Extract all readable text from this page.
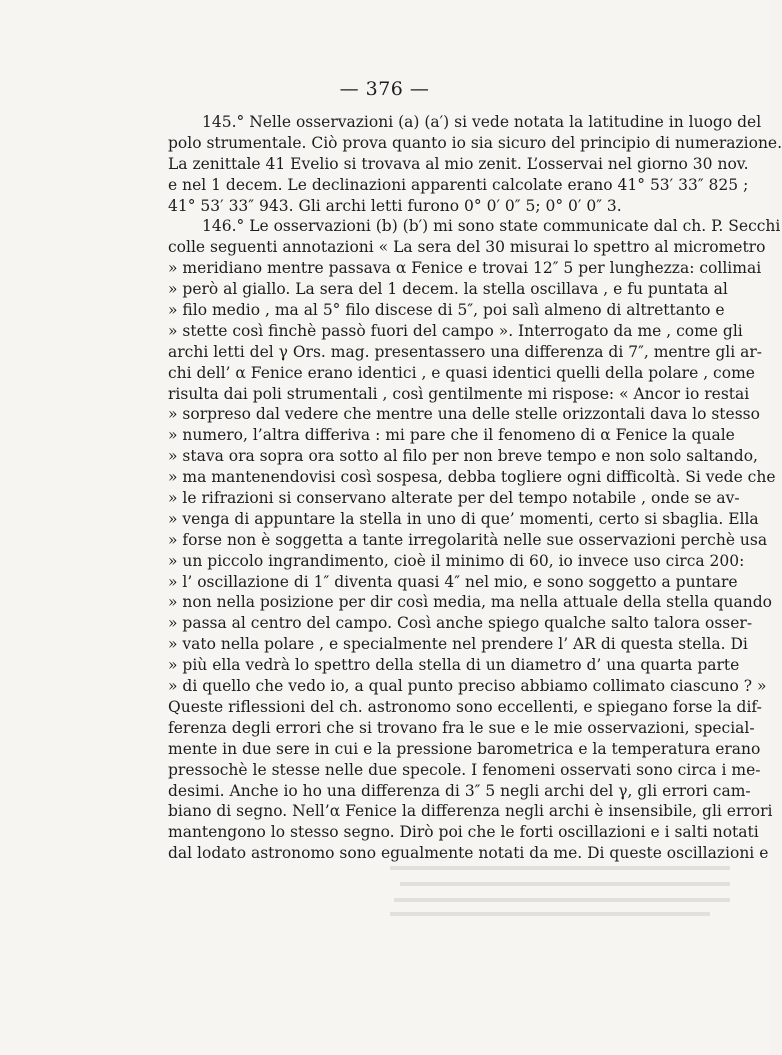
— 376 —
145.° Nelle osservazioni (a) (a′) si vede notata la latitudine in luogo del
polo strumentale. Ciò prova quanto io sia sicuro del principio di numerazione.
La zenittale 41 Evelio si trovava al mio zenit. L’osservai nel giorno 30 nov.
e nel 1 decem. Le declinazioni apparenti calcolate erano 41° 53′ 33″ 825 ;
41° 53′ 33″ 943. Gli archi letti furono 0° 0′ 0″ 5; 0° 0′ 0″ 3.
146.° Le osservazioni (b) (b′) mi sono state communicate dal ch. P. Secchi
colle seguenti annotazioni « La sera del 30 misurai lo spettro al micrometro
» meridiano mentre passava α Fenice e trovai 12″ 5 per lunghezza: collimai
» però al giallo. La sera del 1 decem. la stella oscillava , e fu puntata al
» filo medio , ma al 5° filo discese di 5″, poi salì almeno di altrettanto e
» stette così finchè passò fuori del campo ». Interrogato da me , come gli
archi letti del γ Ors. mag. presentassero una differenza di 7″, mentre gli ar-
chi dell’ α Fenice erano identici , e quasi identici quelli della polare , come
risulta dai poli strumentali , così gentilmente mi rispose: « Ancor io restai
» sorpreso dal vedere che mentre una delle stelle orizzontali dava lo stesso
» numero, l’altra differiva : mi pare che il fenomeno di α Fenice la quale
» stava ora sopra ora sotto al filo per non breve tempo e non solo saltando,
» ma mantenendovisi così sospesa, debba togliere ogni difficoltà. Si vede che
» le rifrazioni si conservano alterate per del tempo notabile , onde se av-
» venga di appuntare la stella in uno di que’ momenti, certo si sbaglia. Ella
» forse non è soggetta a tante irregolarità nelle sue osservazioni perchè usa
» un piccolo ingrandimento, cioè il minimo di 60, io invece uso circa 200:
» l’ oscillazione di 1″ diventa quasi 4″ nel mio, e sono soggetto a puntare
» non nella posizione per dir così media, ma nella attuale della stella quando
» passa al centro del campo. Così anche spiego qualche salto talora osser-
» vato nella polare , e specialmente nel prendere l’ AR di questa stella. Di
» più ella vedrà lo spettro della stella di un diametro d’ una quarta parte
» di quello che vedo io, a qual punto preciso abbiamo collimato ciascuno ? »
Queste riflessioni del ch. astronomo sono eccellenti, e spiegano forse la dif-
ferenza degli errori che si trovano fra le sue e le mie osservazioni, special-
mente in due sere in cui e la pressione barometrica e la temperatura erano
pressochè le stesse nelle due specole. I fenomeni osservati sono circa i me-
desimi. Anche io ho una differenza di 3″ 5 negli archi del γ, gli errori cam-
biano di segno. Nell’α Fenice la differenza negli archi è insensibile, gli errori
mantengono lo stesso segno. Dirò poi che le forti oscillazioni e i salti notati
dal lodato astronomo sono egualmente notati da me. Di queste oscillazioni e
